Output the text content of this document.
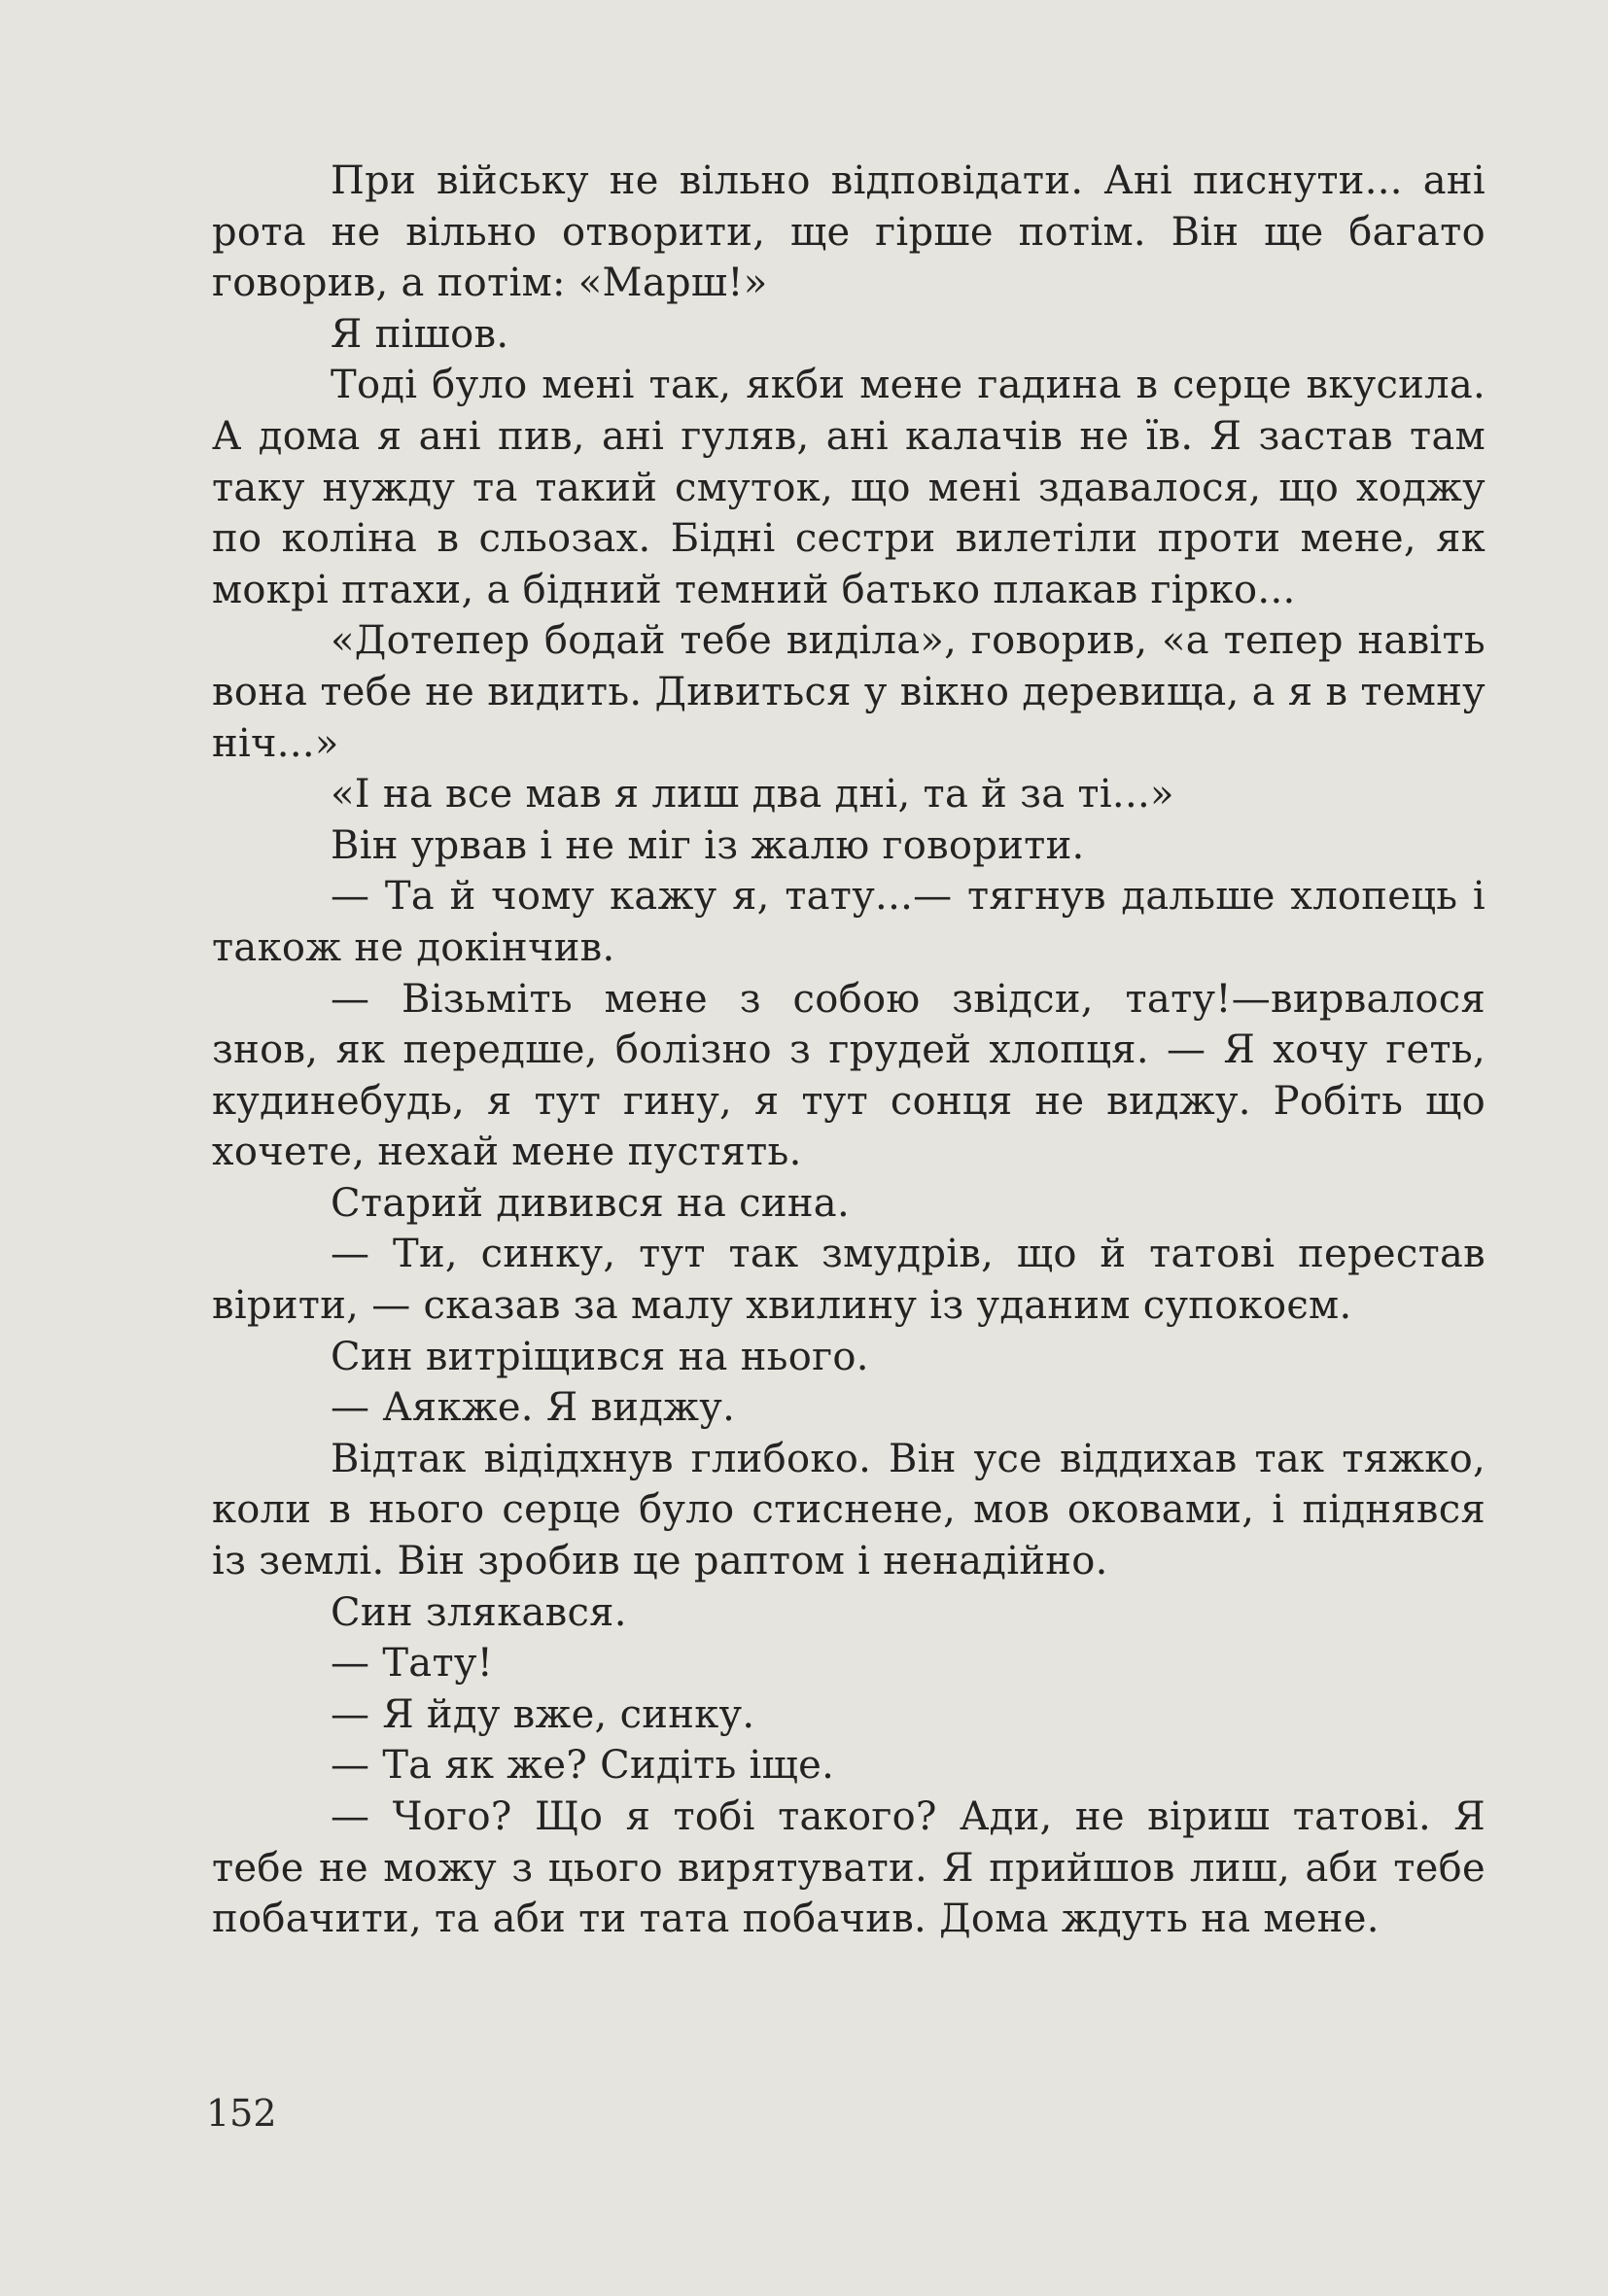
При війську не вільно відповідати. Ані писнути... ані рота не вільно отворити, ще гірше потім. Він ще багато говорив, а потім: «Марш!»

Я пішов.

Тоді було мені так, якби мене гадина в серце вкусила. А дома я ані пив, ані гуляв, ані калачів не їв. Я застав там таку нужду та такий смуток, що мені здавалося, що ходжу по коліна в сльозах. Бідні сестри вилетіли проти мене, як мокрі птахи, а бідний темний батько плакав гірко...

«Дотепер бодай тебе виділа», говорив, «а тепер навіть вона тебе не видить. Дивиться у вікно деревища, а я в темну ніч...»

«І на все мав я лиш два дні, та й за ті...»

Він урвав і не міг із жалю говорити.

— Та й чому кажу я, тату...— тягнув дальше хлопець і також не докінчив.

— Візьміть мене з собою звідси, тату!—вирвалося знов, як передше, болізно з грудей хлопця. — Я хочу геть, кудинебудь, я тут гину, я тут сонця не виджу. Робіть що хочете, нехай мене пустять.

Старий дивився на сина.

— Ти, синку, тут так змудрів, що й татові перестав вірити, — сказав за малу хвилину із уданим супокоєм.

Син витріщився на нього.

— Аякже. Я виджу.

Відтак відідхнув глибоко. Він усе віддихав так тяжко, коли в нього серце було стиснене, мов оковами, і піднявся із землі. Він зробив це раптом і ненадійно.

Син злякався.

— Тату!

— Я йду вже, синку.

— Та як же? Сидіть іще.

— Чого? Що я тобі такого? Ади, не віриш татові. Я тебе не можу з цього вирятувати. Я прийшов лиш, аби тебе побачити, та аби ти тата побачив. Дома ждуть на мене.

152
